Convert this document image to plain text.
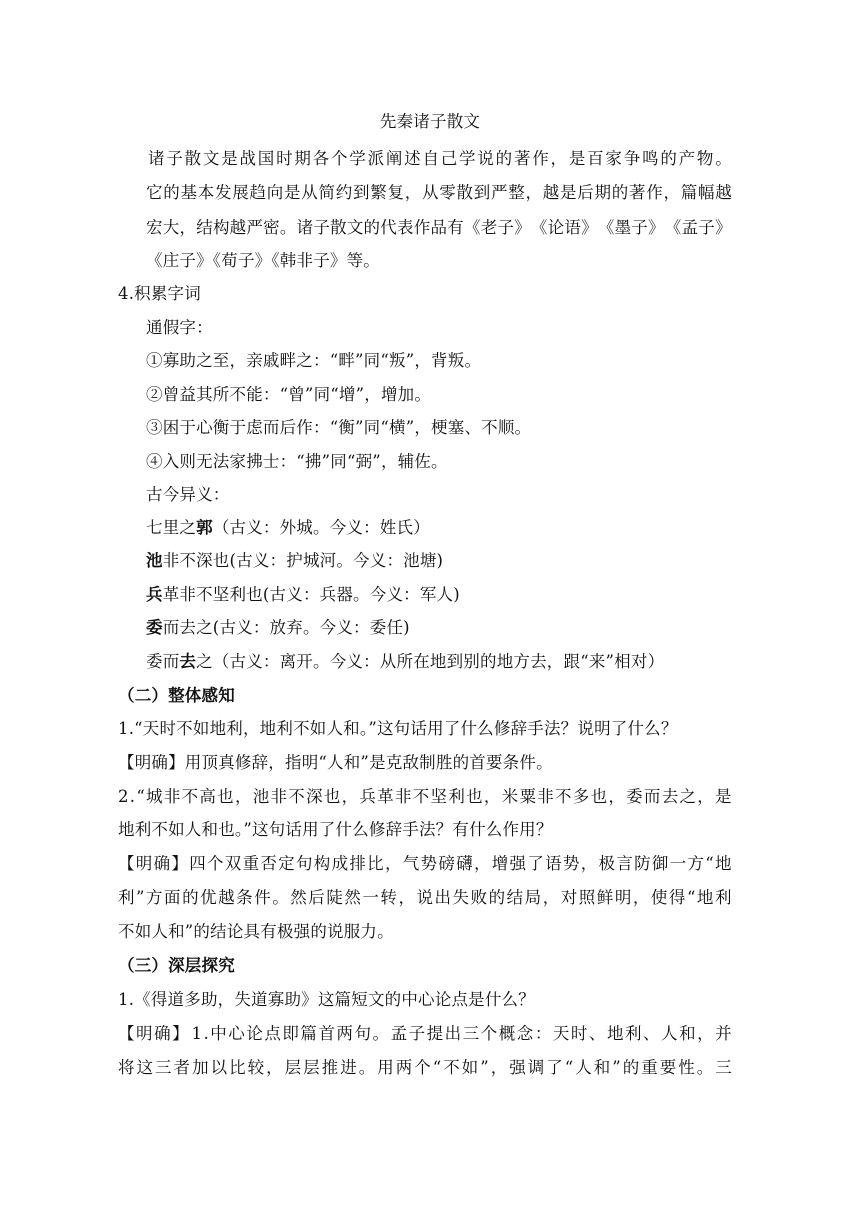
先秦诸子散文
诸 子 散 文 是 战 国 时 期 各 个 学 派 阐 述 自 己 学 说 的 著 作 ， 是 百 家 争 鸣 的 产 物 。
它 的 基 本 发 展 趋 向 是 从 简 约 到 繁 复 ， 从 零 散 到 严 整 ， 越 是 后 期 的 著 作 ， 篇 幅 越
宏 大 ， 结 构 越 严 密 。 诸 子 散 文 的 代 表 作 品 有 《 老 子 》 《 论 语 》 《 墨 子 》 《 孟 子 》
《庄子》《荀子》《韩非子》等。
4.积累字词
通假字：
①寡助之至，亲戚畔之：“畔”同“叛”，背叛。
②曾益其所不能：“曾”同“增”，增加。
③困于心衡于虑而后作：“衡”同“横”，梗塞、不顺。
④入则无法家拂士：“拂”同“弼”，辅佐。
古今异义：
七里之郭（古义：外城。今义：姓氏）
池非不深也(古义：护城河。今义：池塘)
兵革非不坚利也(古义：兵器。今义：军人)
委而去之(古义：放弃。今义：委任)
委而去之（古义：离开。今义：从所在地到别的地方去，跟“来”相对）
（二）整体感知
1.“天时不如地利，地利不如人和。”这句话用了什么修辞手法？说明了什么？
【明确】用顶真修辞，指明“人和”是克敌制胜的首要条件。
2 . “ 城 非 不 高 也 ， 池 非 不 深 也 ， 兵 革 非 不 坚 利 也 ， 米 粟 非 不 多 也 ， 委 而 去 之 ， 是
地利不如人和也。”这句话用了什么修辞手法？有什么作用？
【 明 确 】 四 个 双 重 否 定 句 构 成 排 比 ， 气 势 磅 礴 ， 增 强 了 语 势 ， 极 言 防 御 一 方 “ 地
利 ” 方 面 的 优 越 条 件 。 然 后 陡 然 一 转 ， 说 出 失 败 的 结 局 ， 对 照 鲜 明 ， 使 得 “ 地 利
不如人和”的结论具有极强的说服力。
（三）深层探究
1.《得道多助，失道寡助》这篇短文的中心论点是什么？
【 明 确 】 1 . 中 心 论 点 即 篇 首 两 句 。 孟 子 提 出 三 个 概 念 ： 天 时 、 地 利 、 人 和 ， 并
将 这 三 者 加 以 比 较 ， 层 层 推 进 。 用 两 个 “ 不 如 ” ， 强 调 了 “ 人 和 ” 的 重 要 性 。 三
